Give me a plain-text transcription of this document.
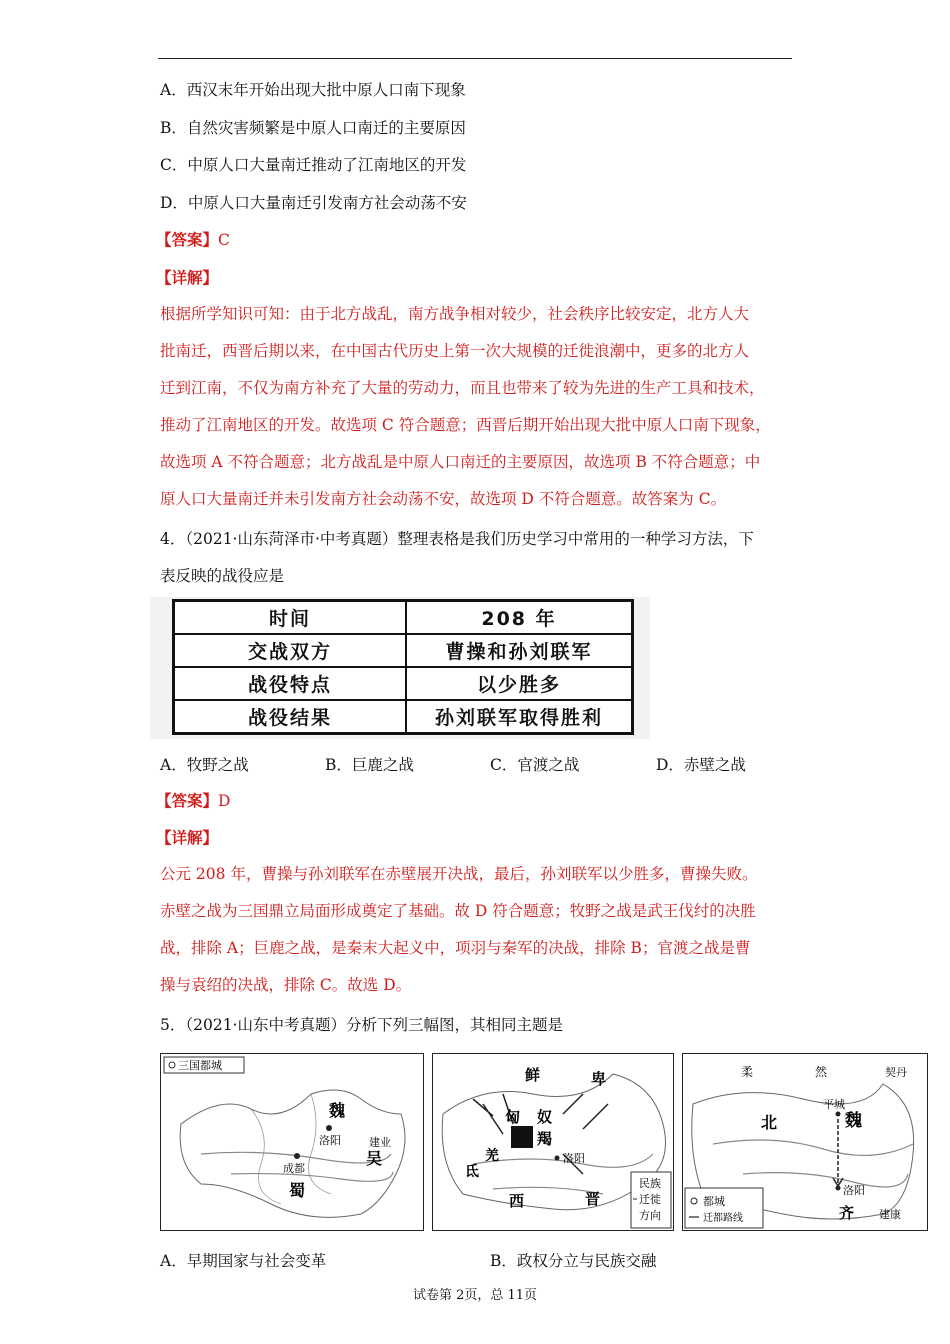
A．西汉末年开始出现大批中原人口南下现象
B．自然灾害频繁是中原人口南迁的主要原因
C．中原人口大量南迁推动了江南地区的开发
D．中原人口大量南迁引发南方社会动荡不安
【答案】C
【详解】

根据所学知识可知：由于北方战乱，南方战争相对较少，社会秩序比较安定，北方人大

批南迁，西晋后期以来，在中国古代历史上第一次大规模的迁徙浪潮中，更多的北方人

迁到江南，不仅为南方补充了大量的劳动力，而且也带来了较为先进的生产工具和技术，

推动了江南地区的开发。故选项 C 符合题意；西晋后期开始出现大批中原人口南下现象，

故选项 A 不符合题意；北方战乱是中原人口南迁的主要原因，故选项 B 不符合题意；中

原人口大量南迁并未引发南方社会动荡不安，故选项 D 不符合题意。故答案为 C。

4．（2021·山东菏泽市·中考真题）整理表格是我们历史学习中常用的一种学习方法，下
表反映的战役应是
时间	208 年
交战双方	曹操和孙刘联军
战役特点	以少胜多
战役结果	孙刘联军取得胜利
A．牧野之战	B．巨鹿之战	C．官渡之战	D．赤壁之战
【答案】D
【详解】

公元 208 年，曹操与孙刘联军在赤壁展开决战，最后，孙刘联军以少胜多，曹操失败。

赤壁之战为三国鼎立局面形成奠定了基础。故 D 符合题意；牧野之战是武王伐纣的决胜

战，排除 A；巨鹿之战，是秦末大起义中，项羽与秦军的决战，排除 B；官渡之战是曹

操与袁绍的决战，排除 C。故选 D。

5．（2021·山东中考真题）分析下列三幅图，其相同主题是
三国都城
魏
洛阳	建业
成都
蜀
吴
鲜	卑
匈 奴
羯
羌
氐
洛阳
西	晋
民族
迁徙
方向
柔	然	契丹
平城
魏
北
洛阳
齐 建康
都城
迁都路线
A．早期国家与社会变革	B．政权分立与民族交融
试卷第 2页，总 11页
